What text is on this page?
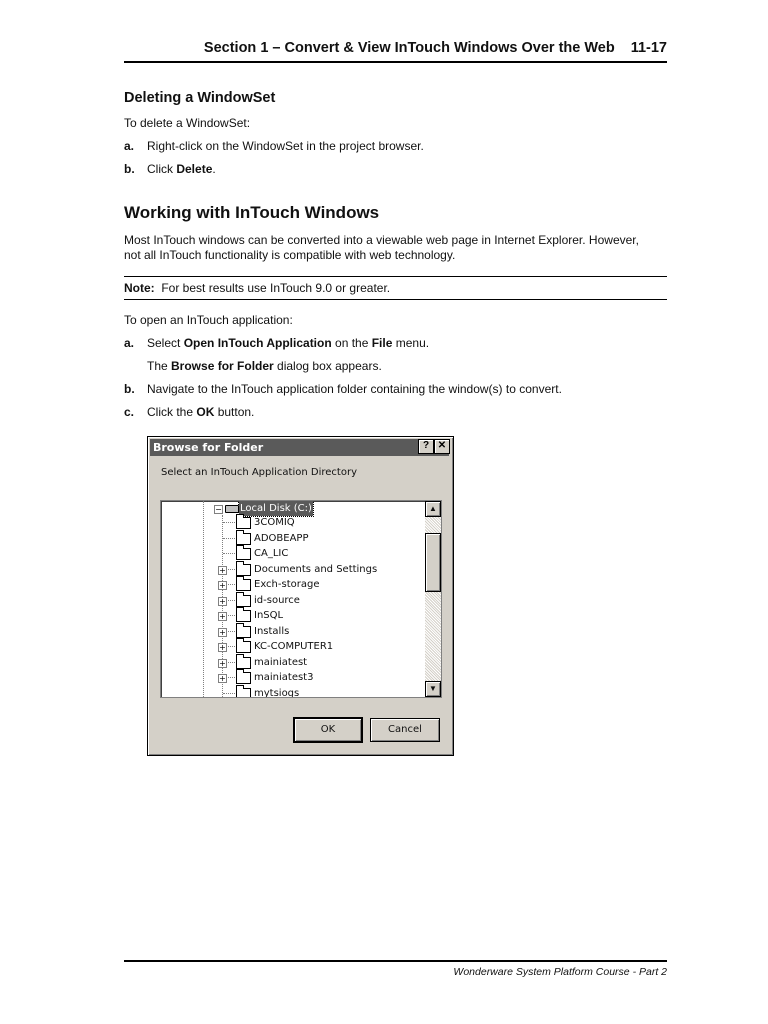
Section 1 – Convert & View InTouch Windows Over the Web 11-17
Deleting a WindowSet
To delete a WindowSet:
a. Right-click on the WindowSet in the project browser.
b. Click Delete.
Working with InTouch Windows
Most InTouch windows can be converted into a viewable web page in Internet Explorer. However,
not all InTouch functionality is compatible with web technology.
Note: For best results use InTouch 9.0 or greater.
To open an InTouch application:
a. Select Open InTouch Application on the File menu.
The Browse for Folder dialog box appears.
b. Navigate to the InTouch application folder containing the window(s) to convert.
c. Click the OK button.
Browse for Folder	? ✕
Select an InTouch Application Directory
− Local Disk (C:)
3COMIQ
ADOBEAPP
CA_LIC
+	Documents and Settings
+	Exch-storage
+	id-source
+	InSQL
+	Installs
+	KC-COMPUTER1
+	mainiatest
+	mainiatest3
mytsiogs
▲
▼
OK	Cancel
Wonderware System Platform Course - Part 2
